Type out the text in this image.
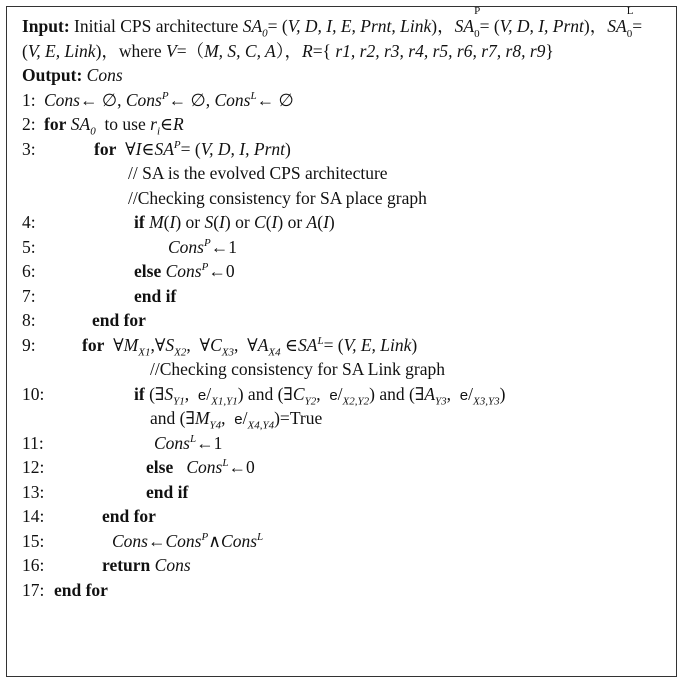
Input: Initial CPS architecture $SA_0= (V$, D, I, E, Prnt, Link)，SA
$_{P 0}$= (V, D, I, Prnt)，SA
$_{L 0}$=  (V, E, Link)，where V=（M, S, C, A），R={ r1, r2, r3, r4, r5, r6, r7, r8, r9}
Output: Cons
1: Cons← ∅, Cons$^P$← ∅, Cons$^L$← ∅
2: for $SA_0$  to use $r_i\in R$
3:	for  $\forall I\in SA^P= (V$, D, I, Prnt)
// SA is the evolved CPS architecture
//Checking consistency for SA place graph
4:	if M(I) or S(I) or C(I) or A(I)
5:	Cons$^P$←1
6:	else Cons$^P$←0
7:	end if
8:	end for
9:	for  $\forall M_{X1},\forall S_{X2}$,  $\forall C_{X3}$,  $\forall A_{X4}$ $\in SA^L= (V$, E, Link)
//Checking consistency for SA Link graph
10:	if ($\exists S_{Y1}$,  $e/_{X1,Y1}$) and ($\exists C_{Y2}$,  $e/_{X2,Y2}$) and ($\exists A_{Y3}$,  $e/_{X3,Y3}$)
and ($\exists M_{Y4}$,  $e/_{X4,Y4})=True$
11:	Cons$^L$←1
12:	else Cons$^L$←0
13:	end if
14:	end for
15:	Cons←Cons$^P$∧Cons$^L$
16:	return Cons
17: end for
